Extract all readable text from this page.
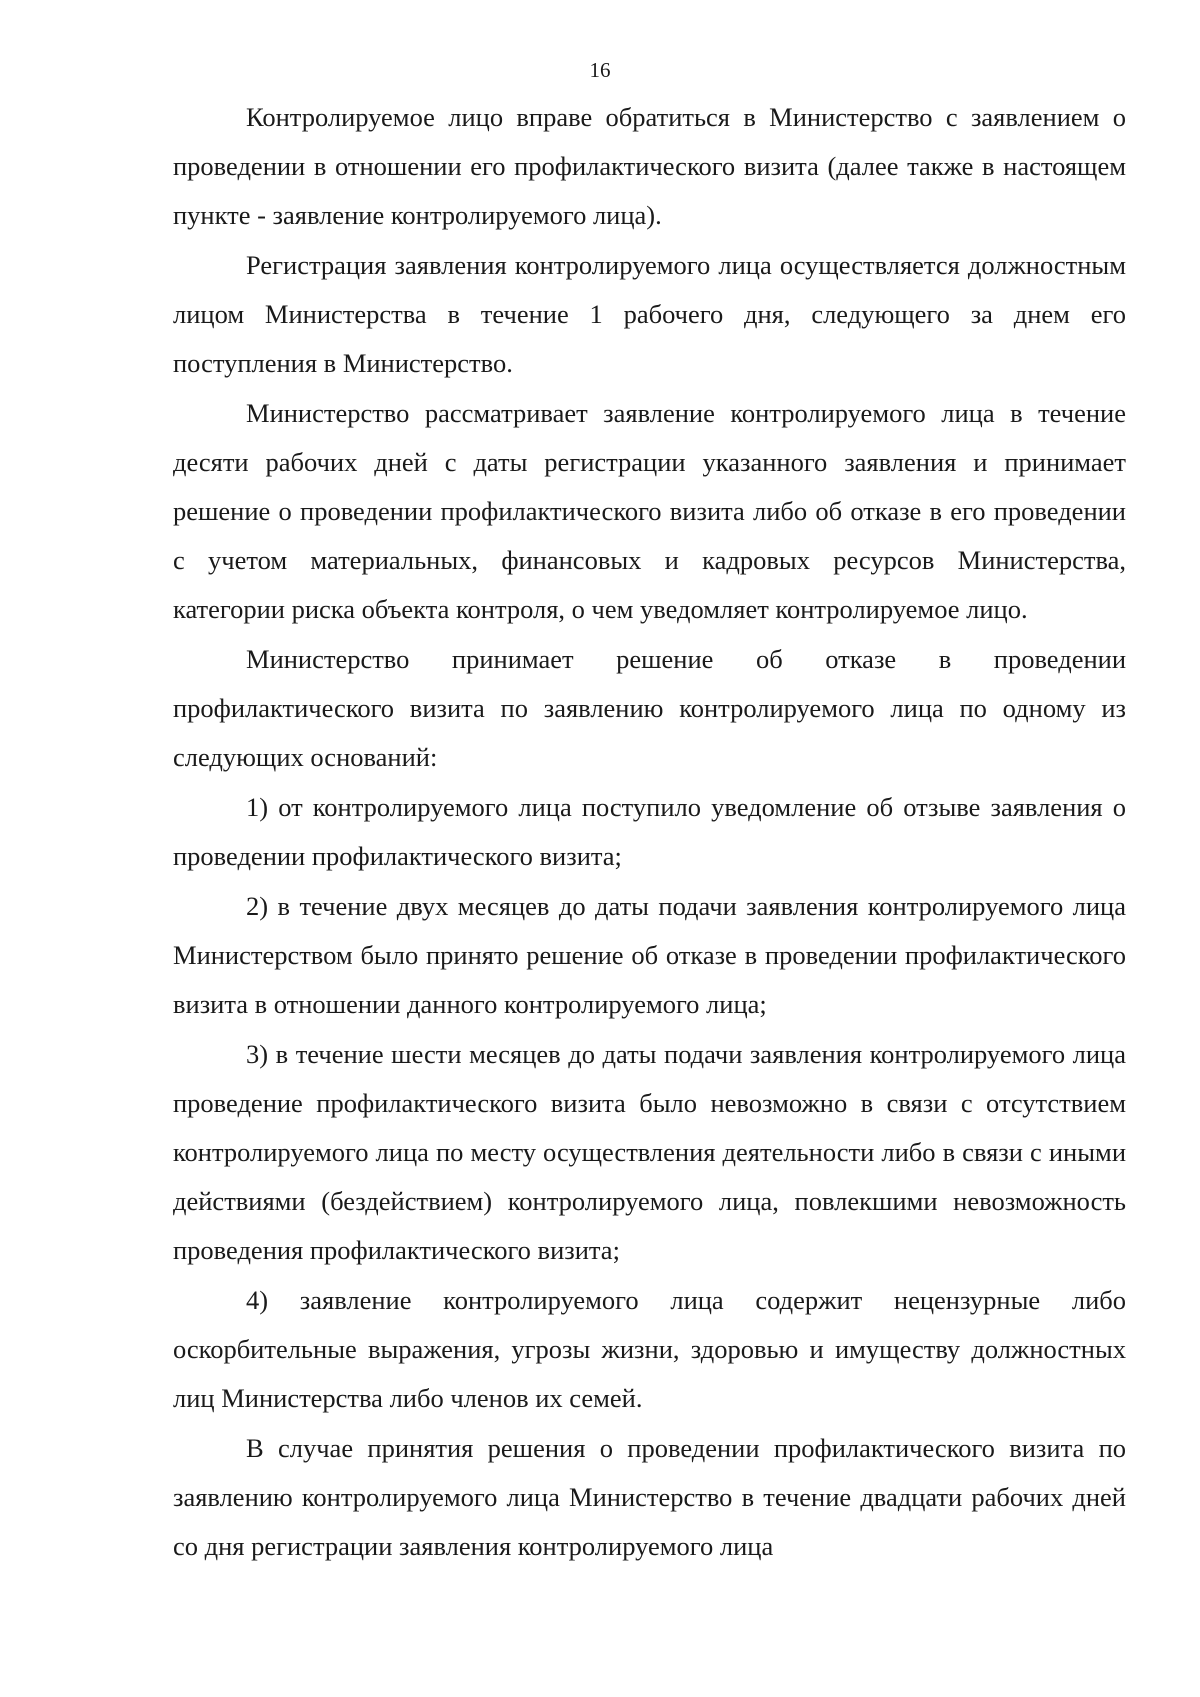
16

Контролируемое лицо вправе обратиться в Министерство с заявлением о проведении в отношении его профилактического визита (далее также в настоящем пункте - заявление контролируемого лица).

Регистрация заявления контролируемого лица осуществляется должностным лицом Министерства в течение 1 рабочего дня, следующего за днем его поступления в Министерство.

Министерство рассматривает заявление контролируемого лица в течение десяти рабочих дней с даты регистрации указанного заявления и принимает решение о проведении профилактического визита либо об отказе в его проведении с учетом материальных, финансовых и кадровых ресурсов Министерства, категории риска объекта контроля, о чем уведомляет контролируемое лицо.

Министерство принимает решение об отказе в проведении профилактического визита по заявлению контролируемого лица по одному из следующих оснований:

1) от контролируемого лица поступило уведомление об отзыве заявления о проведении профилактического визита;

2) в течение двух месяцев до даты подачи заявления контролируемого лица Министерством было принято решение об отказе в проведении профилактического визита в отношении данного контролируемого лица;

3) в течение шести месяцев до даты подачи заявления контролируемого лица проведение профилактического визита было невозможно в связи с отсутствием контролируемого лица по месту осуществления деятельности либо в связи с иными действиями (бездействием) контролируемого лица, повлекшими невозможность проведения профилактического визита;

4) заявление контролируемого лица содержит нецензурные либо оскорбительные выражения, угрозы жизни, здоровью и имуществу должностных лиц Министерства либо членов их семей.

В случае принятия решения о проведении профилактического визита по заявлению контролируемого лица Министерство в течение двадцати рабочих дней со дня регистрации заявления контролируемого лица
